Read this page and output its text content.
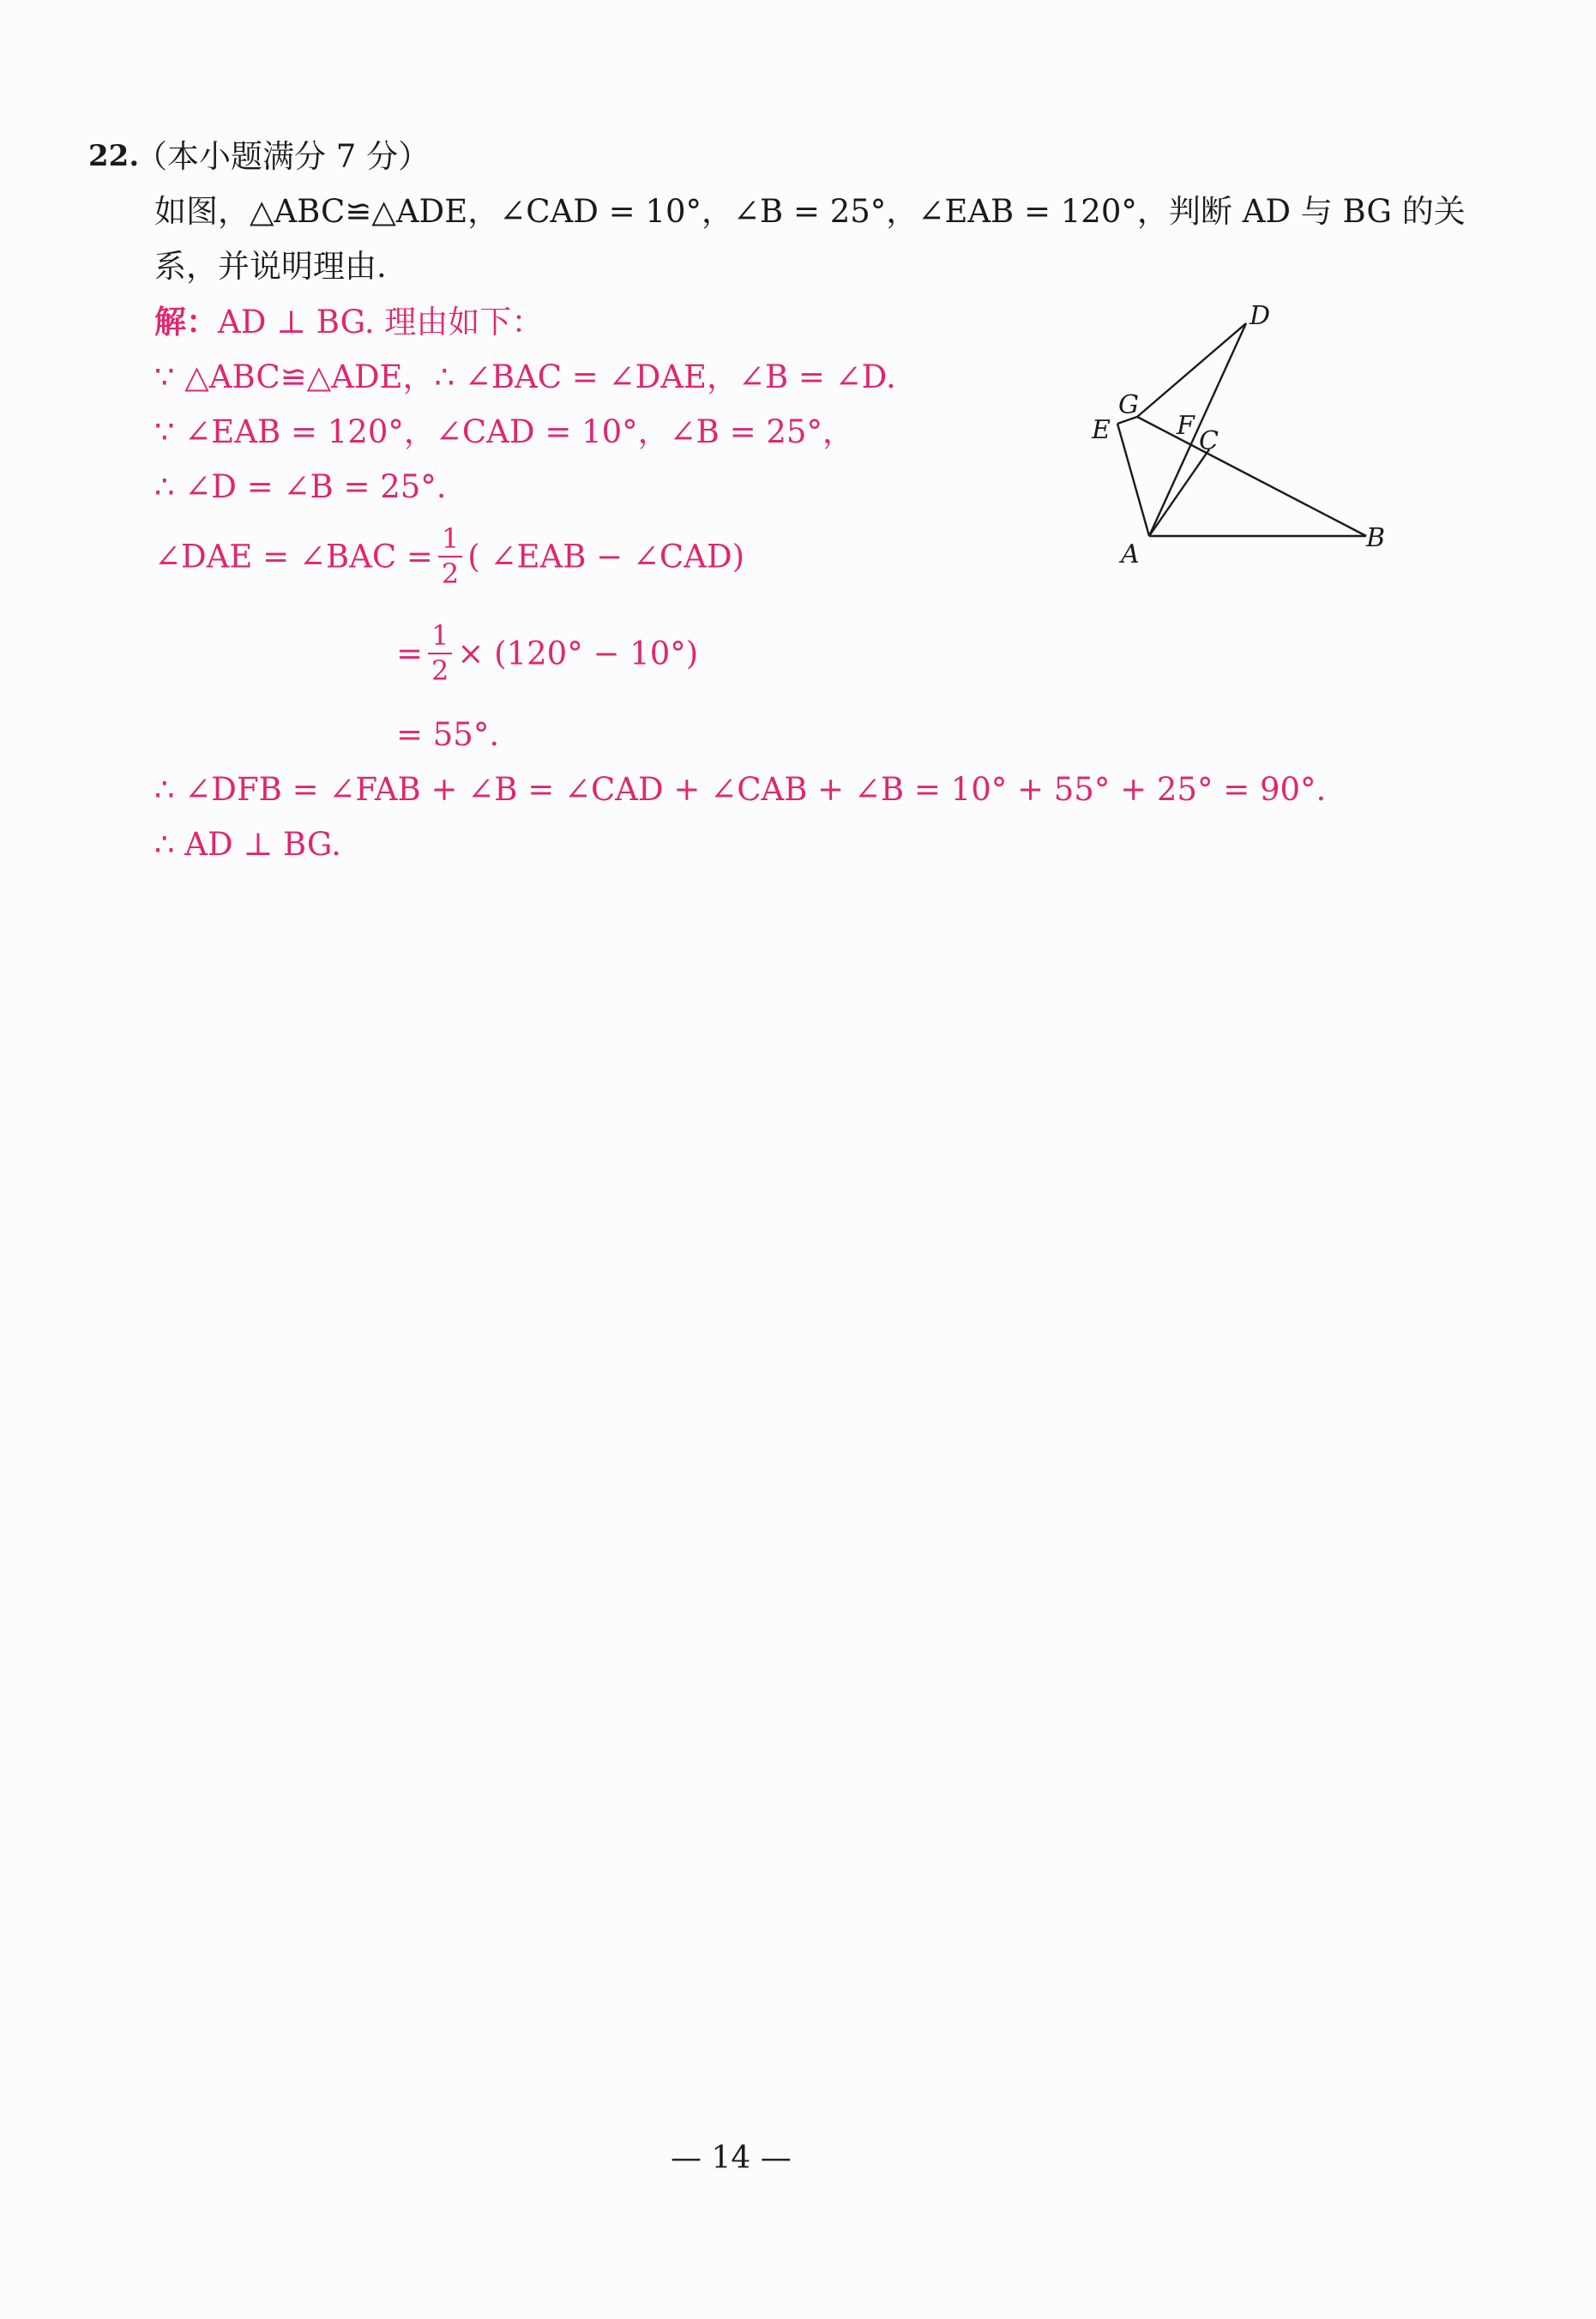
22.
（本小题满分 7 分）
如图，△ABC≌△ADE，∠CAD = 10°，∠B = 25°，∠EAB = 120°，判断 AD 与 BG 的关
系，并说明理由.
解：AD ⊥ BG. 理由如下：
∵ △ABC≌△ADE，∴ ∠BAC = ∠DAE，∠B = ∠D.
∵ ∠EAB = 120°，∠CAD = 10°，∠B = 25°，
∴ ∠D = ∠B = 25°.
∠DAE = ∠BAC = $\frac{1}{2}$ ( ∠EAB − ∠CAD)
= $\frac{1}{2} \times (120^\circ - 10^\circ)$
= 55°.
∴ ∠DFB = ∠FAB + ∠B = ∠CAD + ∠CAB + ∠B = 10° + 55° + 25° = 90°.
∴ AD ⊥ BG.
D
G
E	F
C
A
B
— 14 —
